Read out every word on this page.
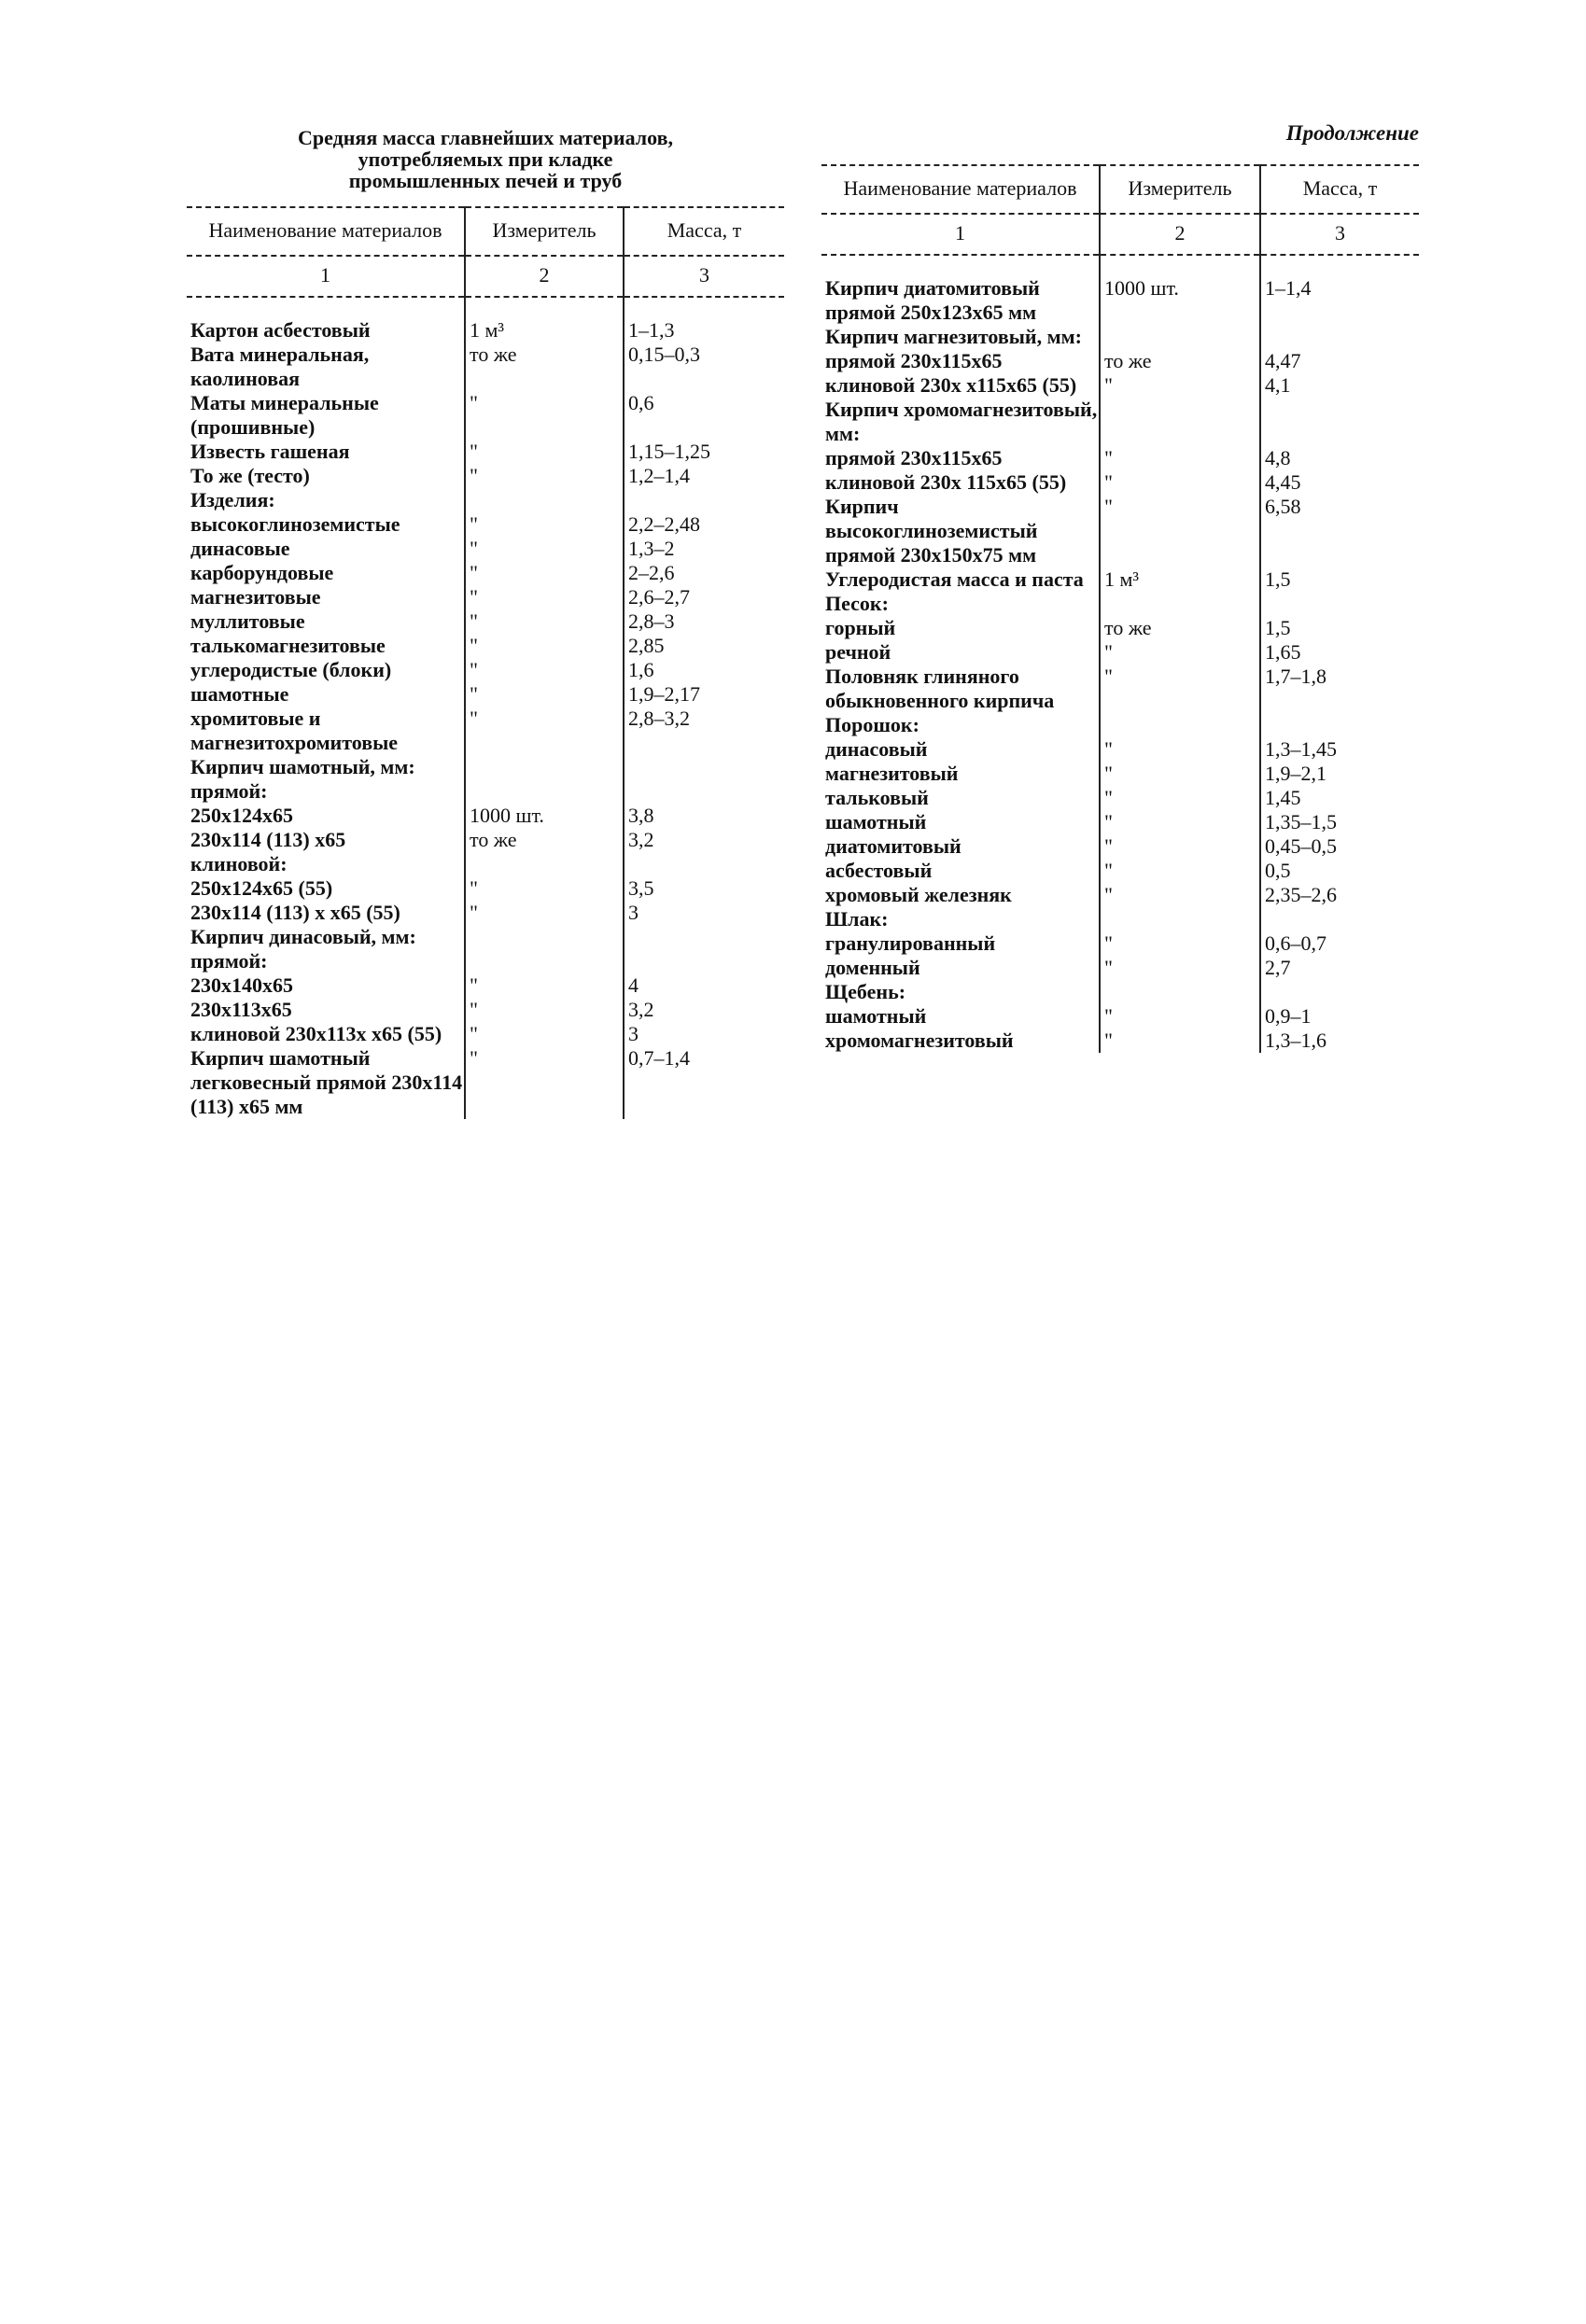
Средняя масса главнейших материалов,
употребляемых при кладке
промышленных печей и труб
Наименование материалов	Измеритель	Масса, т
1	2	3

Картон асбестовый	1 м³	1–1,3
Вата минеральная, каолиновая	то же	0,15–0,3
Маты минеральные (прошивные)	"	0,6
Известь гашеная	"	1,15–1,25
То же (тесто)	"	1,2–1,4
Изделия:		
высокоглиноземистые	"	2,2–2,48
динасовые	"	1,3–2
карборундовые	"	2–2,6
магнезитовые	"	2,6–2,7
муллитовые	"	2,8–3
талькомагнезитовые	"	2,85
углеродистые (блоки)	"	1,6
шамотные	"	1,9–2,17
хромитовые и магнезитохромитовые	"	2,8–3,2
Кирпич шамотный, мм:		
прямой:		
250x124x65	1000 шт.	3,8
230x114 (113) x65	то же	3,2
клиновой:		
250x124x65 (55)	"	3,5
230x114 (113) x x65 (55)	"	3
Кирпич динасовый, мм:		
прямой:		
230x140x65	"	4
230x113x65	"	3,2
клиновой 230x113x x65 (55)	"	3
Кирпич шамотный легковесный прямой 230x114 (113) x65 мм	"	0,7–1,4
Продолжение
Наименование материалов	Измеритель	Масса, т
1	2	3

Кирпич диатомитовый прямой 250x123x65 мм	1000 шт.	1–1,4
Кирпич магнезитовый, мм:		
прямой 230x115x65	то же	4,47
клиновой 230x x115x65 (55)	"	4,1
Кирпич хромомагнезитовый, мм:		
прямой 230x115x65	"	4,8
клиновой 230x 115x65 (55)	"	4,45
Кирпич высокоглиноземистый прямой 230x150x75 мм	"	6,58
Углеродистая масса и паста	1 м³	1,5
Песок:		
горный	то же	1,5
речной	"	1,65
Половняк глиняного обыкновенного кирпича	"	1,7–1,8
Порошок:		
динасовый	"	1,3–1,45
магнезитовый	"	1,9–2,1
тальковый	"	1,45
шамотный	"	1,35–1,5
диатомитовый	"	0,45–0,5
асбестовый	"	0,5
хромовый железняк	"	2,35–2,6
Шлак:		
гранулированный	"	0,6–0,7
доменный	"	2,7
Щебень:		
шамотный	"	0,9–1
хромомагнезитовый	"	1,3–1,6
